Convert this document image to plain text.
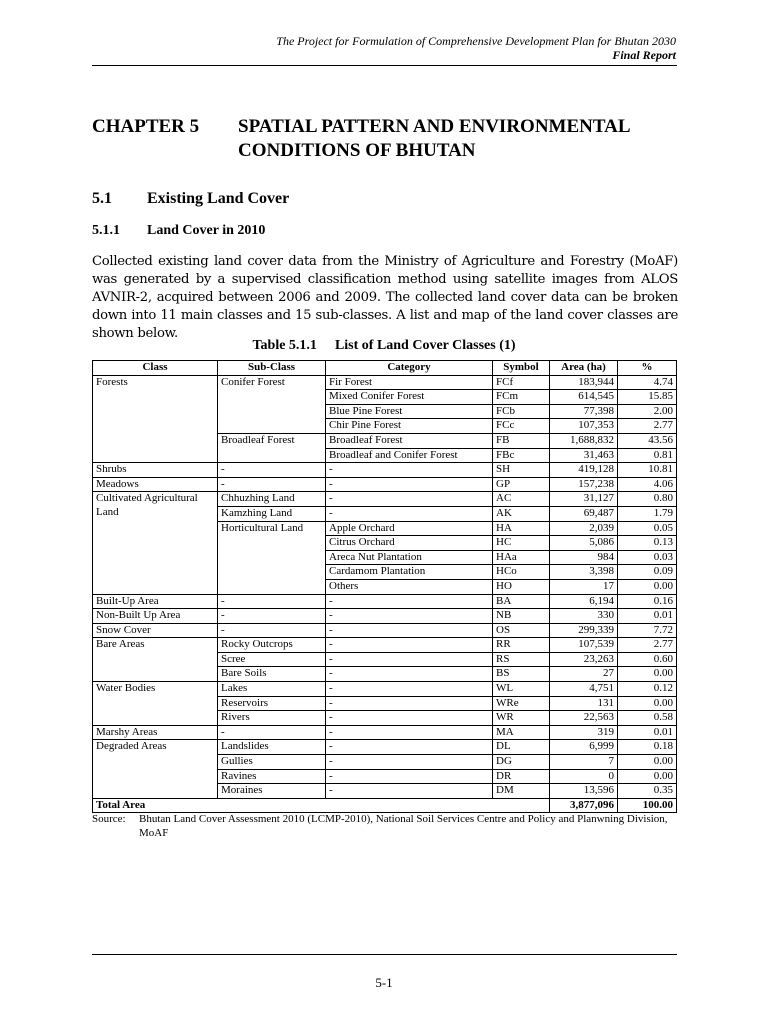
The Project for Formulation of Comprehensive Development Plan for Bhutan 2030
Final Report
CHAPTER 5 SPATIAL PATTERN AND ENVIRONMENTAL CONDITIONS OF BHUTAN
5.1 Existing Land Cover
5.1.1 Land Cover in 2010

Collected existing land cover data from the Ministry of Agriculture and Forestry (MoAF) was generated by a supervised classification method using satellite images from ALOS AVNIR-2, acquired between 2006 and 2009. The collected land cover data can be broken down into 11 main classes and 15 sub-classes. A list and map of the land cover classes are shown below.

Table 5.1.1 List of Land Cover Classes (1)
Class	Sub-Class	Category	Symbol	Area (ha)	%
Forests	Conifer Forest	Fir Forest	FCf	183,944	4.74
		Mixed Conifer Forest	FCm	614,545	15.85
		Blue Pine Forest	FCb	77,398	2.00
		Chir Pine Forest	FCc	107,353	2.77
	Broadleaf Forest	Broadleaf Forest	FB	1,688,832	43.56
		Broadleaf and Conifer Forest	FBc	31,463	0.81
Shrubs	-	-	SH	419,128	10.81
Meadows	-	-	GP	157,238	4.06
Cultivated Agricultural Land	Chhuzhing Land	-	AC	31,127	0.80
	Kamzhing Land	-	AK	69,487	1.79
	Horticultural Land	Apple Orchard	HA	2,039	0.05
		Citrus Orchard	HC	5,086	0.13
		Areca Nut Plantation	HAa	984	0.03
		Cardamom Plantation	HCo	3,398	0.09
		Others	HO	17	0.00
Built-Up Area	-	-	BA	6,194	0.16
Non-Built Up Area	-	-	NB	330	0.01
Snow Cover	-	-	OS	299,339	7.72
Bare Areas	Rocky Outcrops	-	RR	107,539	2.77
	Scree	-	RS	23,263	0.60
	Bare Soils	-	BS	27	0.00
Water Bodies	Lakes	-	WL	4,751	0.12
	Reservoirs	-	WRe	131	0.00
	Rivers	-	WR	22,563	0.58
Marshy Areas	-	-	MA	319	0.01
Degraded Areas	Landslides	-	DL	6,999	0.18
	Gullies	-	DG	7	0.00
	Ravines	-	DR	0	0.00
	Moraines	-	DM	13,596	0.35
Total Area				3,877,096	100.00
Source: Bhutan Land Cover Assessment 2010 (LCMP-2010), National Soil Services Centre and Policy and Planwning Division, MoAF
5-1
